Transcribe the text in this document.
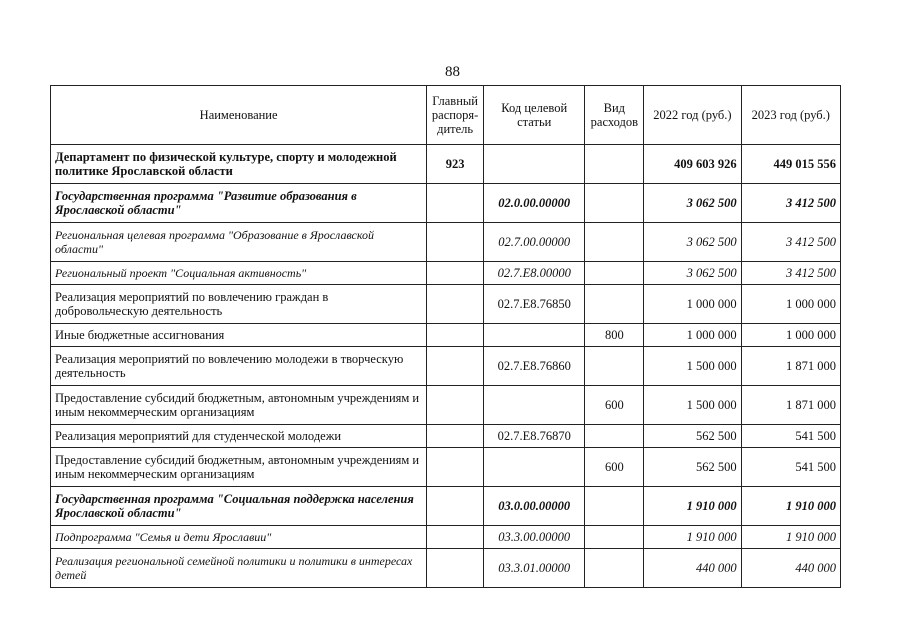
88
Наименование	Главный распоря-дитель	Код целевой статьи	Вид расходов	2022 год (руб.)	2023 год (руб.)
Департамент по физической культуре, спорту и молодежной политике Ярославской области	923			409 603 926	449 015 556
Государственная программа "Развитие образования в Ярославской области"		02.0.00.00000		3 062 500	3 412 500
Региональная целевая программа "Образование в Ярославской области"		02.7.00.00000		3 062 500	3 412 500
Региональный проект "Социальная активность"		02.7.E8.00000		3 062 500	3 412 500
Реализация мероприятий по вовлечению граждан в добровольческую деятельность		02.7.E8.76850		1 000 000	1 000 000
Иные бюджетные ассигнования			800	1 000 000	1 000 000
Реализация мероприятий по вовлечению молодежи в творческую деятельность		02.7.E8.76860		1 500 000	1 871 000
Предоставление субсидий бюджетным, автономным учреждениям и иным некоммерческим организациям			600	1 500 000	1 871 000
Реализация мероприятий для студенческой молодежи		02.7.E8.76870		562 500	541 500
Предоставление субсидий бюджетным, автономным учреждениям и иным некоммерческим организациям			600	562 500	541 500
Государственная программа "Социальная поддержка населения Ярославской области"		03.0.00.00000		1 910 000	1 910 000
Подпрограмма "Семья и дети Ярославии"		03.3.00.00000		1 910 000	1 910 000
Реализация региональной семейной политики и политики в интересах детей		03.3.01.00000		440 000	440 000
